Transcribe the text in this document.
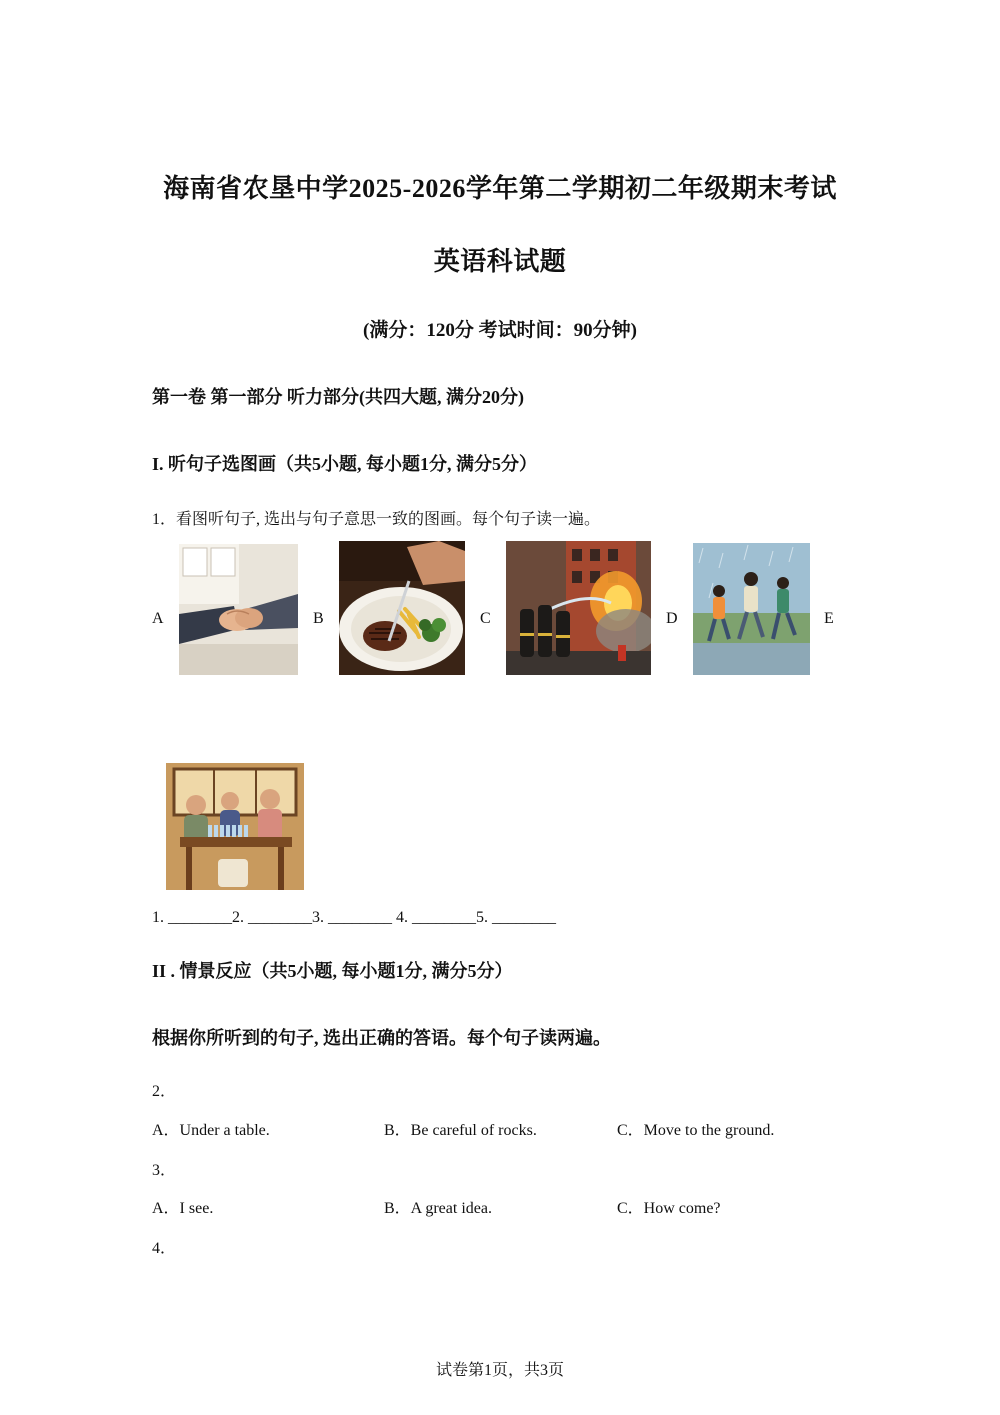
海南省农垦中学2025-2026学年第二学期初二年级期末考试
英语科试题
(满分：120分 考试时间：90分钟)
第一卷 第一部分 听力部分(共四大题, 满分20分)
I. 听句子选图画（共5小题, 每小题1分, 满分5分）
1．看图听句子, 选出与句子意思一致的图画。每个句子读一遍。
A	B	C	D	E
1. ________2. ________3. ________ 4. ________5. ________
II . 情景反应（共5小题, 每小题1分, 满分5分）
根据你所听到的句子, 选出正确的答语。每个句子读两遍。
2．
A．Under a table.	B．Be careful of rocks.	C．Move to the ground.
3．
A．I see.	B．A great idea.	C．How come?
4．
试卷第1页，共3页
